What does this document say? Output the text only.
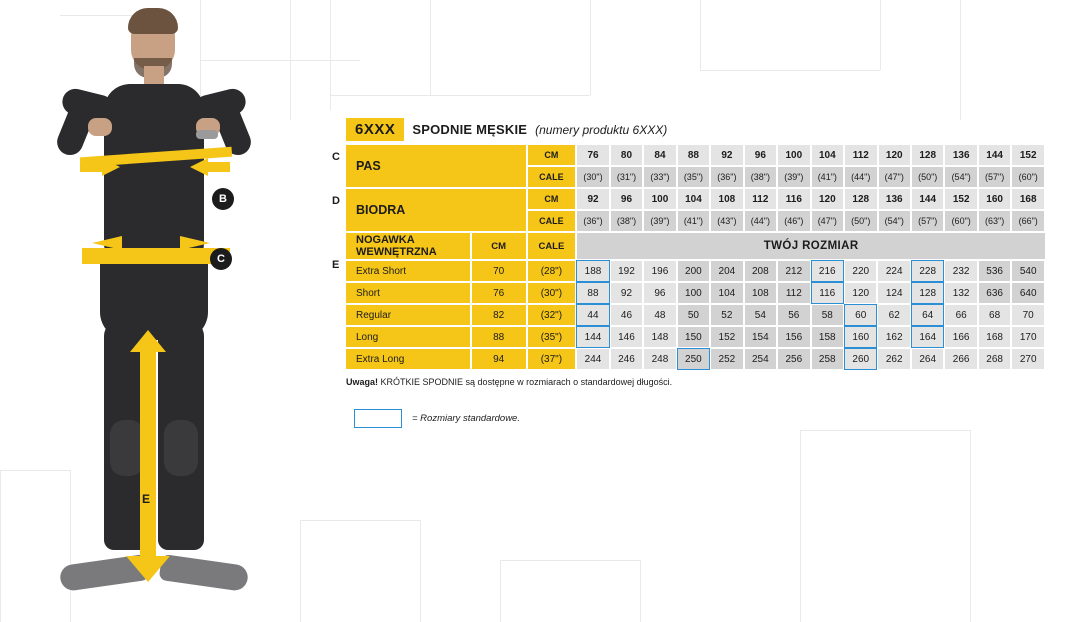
B
C
E
6XXX	SPODNIE MĘSKIE (numery produktu 6XXX)
C
D
E
PAS	CM	76	80	84	88	92	96	100	104	112	120	128	136	144	152
	CALE	(30")	(31")	(33")	(35")	(36")	(38")	(39")	(41")	(44")	(47")	(50")	(54")	(57")	(60")
BIODRA	CM	92	96	100	104	108	112	116	120	128	136	144	152	160	168
	CALE	(36")	(38")	(39")	(41")	(43")	(44")	(46")	(47")	(50")	(54")	(57")	(60")	(63")	(66")
NOGAWKA
WEWNĘTRZNA	CM	CALE	TWÓJ ROZMIAR													
Extra Short	70	(28")	188	192	196	200	204	208	212	216	220	224	228	232	536	540
Short	76	(30")	88	92	96	100	104	108	112	116	120	124	128	132	636	640
Regular	82	(32")	44	46	48	50	52	54	56	58	60	62	64	66	68	70
Long	88	(35")	144	146	148	150	152	154	156	158	160	162	164	166	168	170
Extra Long	94	(37")	244	246	248	250	252	254	256	258	260	262	264	266	268	270
Uwaga! KRÓTKIE SPODNIE są dostępne w rozmiarach o standardowej długości.
= Rozmiary standardowe.
